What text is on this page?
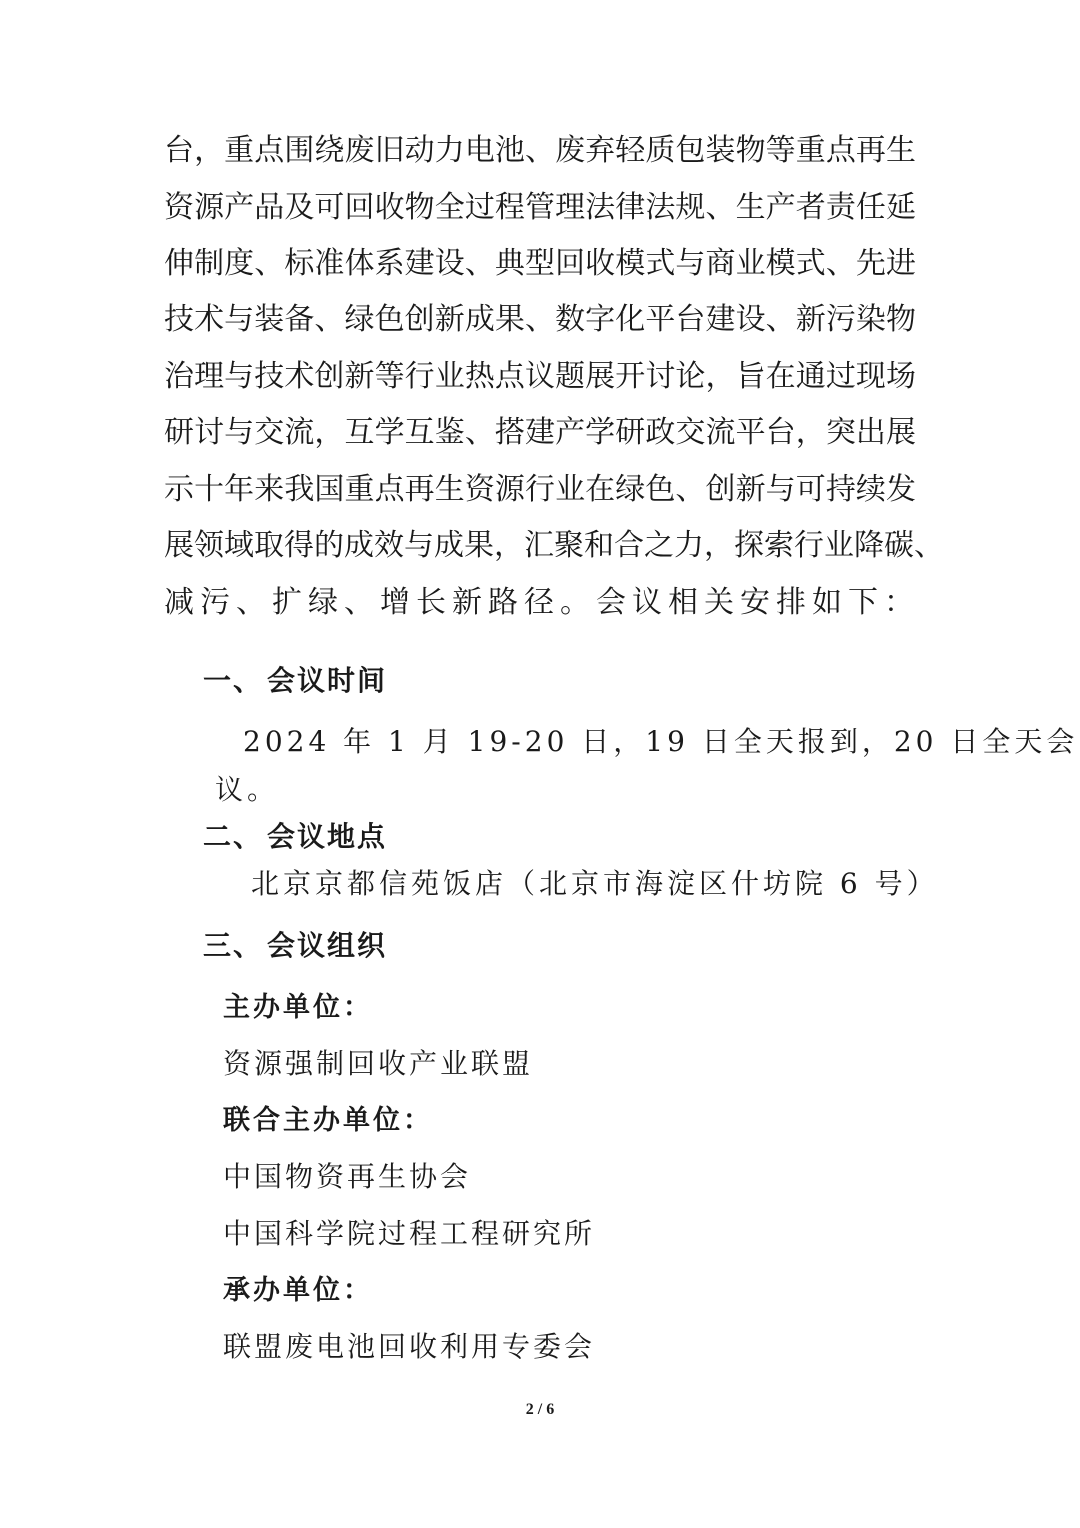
台，重点围绕废旧动力电池、废弃轻质包装物等重点再生
资源产品及可回收物全过程管理法律法规、生产者责任延
伸制度、标准体系建设、典型回收模式与商业模式、先进
技术与装备、绿色创新成果、数字化平台建设、新污染物
治理与技术创新等行业热点议题展开讨论，旨在通过现场
研讨与交流，互学互鉴、搭建产学研政交流平台，突出展
示十年来我国重点再生资源行业在绿色、创新与可持续发
展领域取得的成效与成果，汇聚和合之力，探索行业降碳、
减污、扩绿、增长新路径。会议相关安排如下：
一、 会议时间
2024 年 1 月 19-20 日，19 日全天报到，20 日全天会
议。
二、 会议地点
北京京都信苑饭店（北京市海淀区什坊院 6 号）
三、 会议组织
主办单位：
资源强制回收产业联盟
联合主办单位：
中国物资再生协会
中国科学院过程工程研究所
承办单位：
联盟废电池回收利用专委会
2 / 6
